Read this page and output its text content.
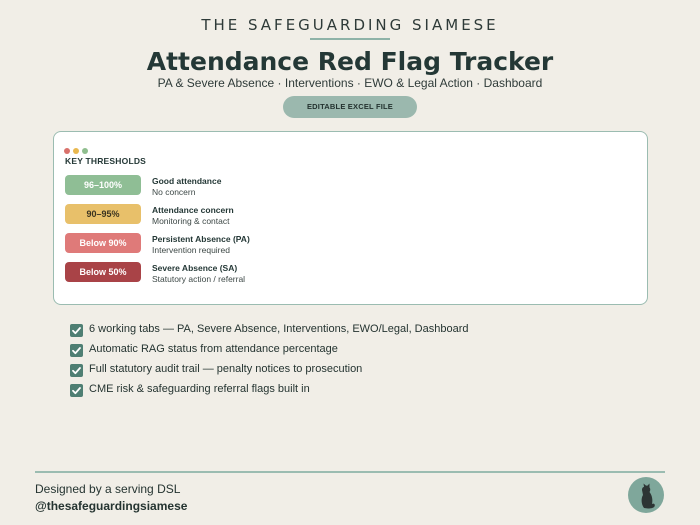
THE SAFEGUARDING SIAMESE
Attendance Red Flag Tracker
PA & Severe Absence · Interventions · EWO & Legal Action · Dashboard
EDITABLE EXCEL FILE
KEY THRESHOLDS
96–100%	Good attendance
No concern
90–95%	Attendance concern
Monitoring & contact
Below 90%	Persistent Absence (PA)
Intervention required
Below 50%	Severe Absence (SA)
Statutory action / referral
6 working tabs — PA, Severe Absence, Interventions, EWO/Legal, Dashboard
Automatic RAG status from attendance percentage
Full statutory audit trail — penalty notices to prosecution
CME risk & safeguarding referral flags built in
Designed by a serving DSL
@thesafeguardingsiamese
